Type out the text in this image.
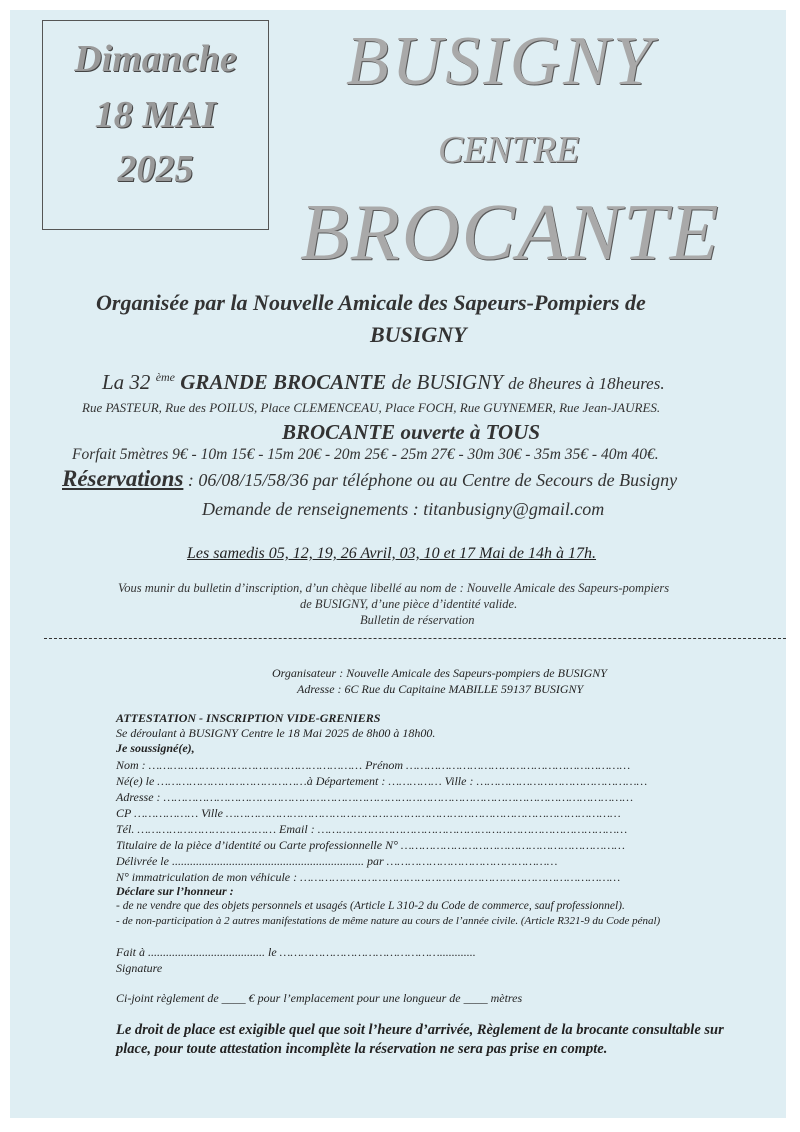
Dimanche
18 MAI
2025
BUSIGNY
CENTRE
BROCANTE
Organisée par la Nouvelle Amicale des Sapeurs-Pompiers de
BUSIGNY
La 32 $^{ème}$ GRANDE BROCANTE de BUSIGNY de 8heures à 18heures.
Rue PASTEUR, Rue des POILUS, Place CLEMENCEAU, Place FOCH, Rue GUYNEMER, Rue Jean-JAURES.
BROCANTE ouverte à TOUS
Forfait 5mètres 9€ - 10m 15€ - 15m 20€ - 20m 25€ - 25m 27€ - 30m 30€ - 35m 35€ - 40m 40€.
Réservations : 06/08/15/58/36 par téléphone ou au Centre de Secours de Busigny
Demande de renseignements : titanbusigny@gmail.com
Les samedis 05, 12, 19, 26 Avril, 03, 10 et 17 Mai de 14h à 17h.
Vous munir du bulletin d’inscription, d’un chèque libellé au nom de : Nouvelle Amicale des Sapeurs-pompiers
de BUSIGNY, d’une pièce d’identité valide.
Bulletin de réservation
Organisateur : Nouvelle Amicale des Sapeurs-pompiers de BUSIGNY
Adresse : 6C Rue du Capitaine MABILLE 59137 BUSIGNY
ATTESTATION - INSCRIPTION VIDE-GRENIERS
Se déroulant à BUSIGNY Centre le 18 Mai 2025 de 8h00 à 18h00.
Je soussigné(e),
Nom : …………………………………………………… Prénom ………………………………………………………
Né(e) le ……………………………………à Département : …………… Ville : …………………………………………
Adresse : ……………………………………………………………………………………………………………………
CP ……………… Ville …………………………………………………………………………………………………
Tél. ………………………………… Email : ……………………………………………………………………………
Titulaire de la pièce d’identité ou Carte professionnelle N° ………………………………………………………
Délivrée le ................................................................ par …………………………………………
N° immatriculation de mon véhicule : ………………………………………………………………………………
Déclare sur l’honneur :
- de ne vendre que des objets personnels et usagés (Article L 310-2 du Code de commerce, sauf professionnel).
- de non-participation à 2 autres manifestations de même nature au cours de l’année civile. (Article R321-9 du Code pénal)
Fait à ....................................... le ………………………………………............
Signature
Ci-joint règlement de ____ € pour l’emplacement pour une longueur de ____ mètres
Le droit de place est exigible quel que soit l’heure d’arrivée, Règlement de la brocante consultable sur
place, pour toute attestation incomplète la réservation ne sera pas prise en compte.
